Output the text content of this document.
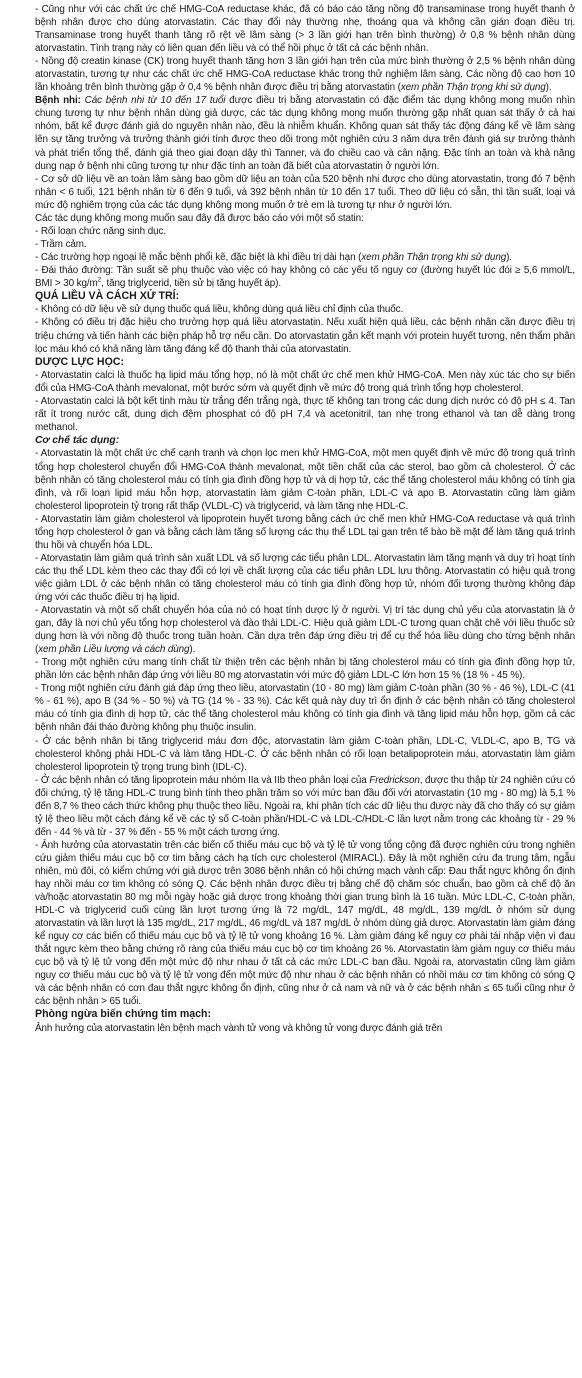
- Cũng như với các chất ức chế HMG-CoA reductase khác, đã có báo cáo tăng nồng độ transaminase trong huyết thanh ở bệnh nhân được cho dùng atorvastatin. Các thay đổi này thường nhẹ, thoáng qua và không cần gián đoạn điều trị. Transaminase trong huyết thanh tăng rõ rệt về lâm sàng (> 3 lần giới hạn trên bình thường) ở 0,8 % bệnh nhân dùng atorvastatin. Tình trạng này có liên quan đến liều và có thể hồi phục ở tất cả các bệnh nhân.

- Nồng độ creatin kinase (CK) trong huyết thanh tăng hơn 3 lần giới hạn trên của mức bình thường ở 2,5 % bệnh nhân dùng atorvastatin, tương tự như các chất ức chế HMG-CoA reductase khác trong thử nghiệm lâm sàng. Các nồng độ cao hơn 10 lần khoảng trên bình thường gặp ở 0,4 % bệnh nhân được điều trị bằng atorvastatin (xem phần Thận trọng khi sử dụng).

Bệnh nhi: Các bệnh nhi từ 10 đến 17 tuổi được điều trị bằng atorvastatin có đặc điểm tác dụng không mong muốn nhìn chung tương tự như bệnh nhân dùng giả dược, các tác dụng không mong muốn thường gặp nhất quan sát thấy ở cả hai nhóm, bất kể được đánh giá do nguyên nhân nào, đều là nhiễm khuẩn. Không quan sát thấy tác động đáng kể về lâm sàng lên sự tăng trưởng và trưởng thành giới tính được theo dõi trong một nghiên cứu 3 năm dựa trên đánh giá sự trưởng thành và phát triển tổng thể, đánh giá theo giai đoạn dậy thì Tanner, và đo chiều cao và cân nặng. Đặc tính an toàn và khả năng dung nạp ở bệnh nhi cũng tương tự như đặc tính an toàn đã biết của atorvastatin ở người lớn.

- Cơ sở dữ liệu về an toàn lâm sàng bao gồm dữ liệu an toàn của 520 bệnh nhi được cho dùng atorvastatin, trong đó 7 bệnh nhân < 6 tuổi, 121 bệnh nhân từ 6 đến 9 tuổi, và 392 bệnh nhân từ 10 đến 17 tuổi. Theo dữ liệu có sẵn, thì tần suất, loại và mức độ nghiêm trọng của các tác dụng không mong muốn ở trẻ em là tương tự như ở người lớn.

Các tác dụng không mong muốn sau đây đã được báo cáo với một số statin:

- Rối loạn chức năng sinh dục.

- Trầm cảm.

- Các trường hợp ngoại lệ mắc bệnh phổi kẽ, đặc biệt là khi điều trị dài hạn (xem phần Thận trọng khi sử dụng).

- Đái tháo đường: Tần suất sẽ phụ thuộc vào việc có hay không có các yếu tố nguy cơ (đường huyết lúc đói ≥ 5,6 mmol/L, BMI > 30 $kg/m^2$, tăng triglycerid, tiền sử bị tăng huyết áp).

QUÁ LIỀU VÀ CÁCH XỬ TRÍ:

- Không có dữ liệu về sử dụng thuốc quá liều, không dùng quá liều chỉ định của thuốc.

- Không có điều trị đặc hiệu cho trường hợp quá liều atorvastatin. Nếu xuất hiện quá liều, các bệnh nhân cần được điều trị triệu chứng và tiến hành các biện pháp hỗ trợ nếu cần. Do atorvastatin gắn kết mạnh với protein huyết tương, nên thẩm phân lọc máu khó có khả năng làm tăng đáng kể độ thanh thải của atorvastatin.

DƯỢC LỰC HỌC:

- Atorvastatin calci là thuốc hạ lipid máu tổng hợp, nó là một chất ức chế men khử HMG-CoA. Men này xúc tác cho sự biến đổi của HMG-CoA thành mevalonat, một bước sớm và quyết định về mức độ trong quá trình tổng hợp cholesterol.

- Atorvastatin calci là bột kết tinh màu từ trắng đến trắng ngà, thực tế không tan trong các dung dịch nước có độ pH ≤ 4. Tan rất ít trong nước cất, dung dịch đệm phosphat có độ pH 7,4 và acetonitril, tan nhẹ trong ethanol và tan dễ dàng trong methanol.

Cơ chế tác dụng:

- Atorvastatin là một chất ức chế cạnh tranh và chọn lọc men khử HMG-CoA, một men quyết định về mức độ trong quá trình tổng hợp cholesterol chuyển đổi HMG-CoA thành mevalonat, một tiền chất của các sterol, bao gồm cả cholesterol. Ở các bệnh nhân có tăng cholesterol máu có tính gia đình đồng hợp tử và dị hợp tử, các thể tăng cholesterol máu không có tính gia đình, và rối loạn lipid máu hỗn hợp, atorvastatin làm giảm C-toàn phần, LDL-C và apo B. Atorvastatin cũng làm giảm cholesterol lipoprotein tỷ trọng rất thấp (VLDL-C) và triglycerid, và làm tăng nhẹ HDL-C.

- Atorvastatin làm giảm cholesterol và lipoprotein huyết tương bằng cách ức chế men khử HMG-CoA reductase và quá trình tổng hợp cholesterol ở gan và bằng cách làm tăng số lượng các thụ thể LDL tại gan trên tế bào bề mặt để làm tăng quá trình thu hồi và chuyển hóa LDL.

- Atorvastatin làm giảm quá trình sản xuất LDL và số lượng các tiểu phân LDL. Atorvastatin làm tăng mạnh và duy trì hoạt tính các thụ thể LDL kèm theo các thay đổi có lợi về chất lượng của các tiểu phân LDL lưu thông. Atorvastatin có hiệu quả trong việc giảm LDL ở các bệnh nhân có tăng cholesterol máu có tính gia đình đồng hợp tử, nhóm đối tượng thường không đáp ứng với các thuốc điều trị hạ lipid.

- Atorvastatin và một số chất chuyển hóa của nó có hoạt tính dược lý ở người. Vị trí tác dụng chủ yếu của atorvastatin là ở gan, đây là nơi chủ yếu tổng hợp cholesterol và đào thải LDL-C. Hiệu quả giảm LDL-C tương quan chặt chẽ với liều thuốc sử dụng hơn là với nồng độ thuốc trong tuần hoàn. Cần dựa trên đáp ứng điều trị để cụ thể hóa liều dùng cho từng bệnh nhân (xem phần Liều lượng và cách dùng).

- Trong một nghiên cứu mang tính chất từ thiện trên các bệnh nhân bị tăng cholesterol máu có tính gia đình đồng hợp tử, phần lớn các bệnh nhân đáp ứng với liều 80 mg atorvastatin với mức độ giảm LDL-C lớn hơn 15 % (18 % - 45 %).

- Trong một nghiên cứu đánh giá đáp ứng theo liều, atorvastatin (10 - 80 mg) làm giảm C-toàn phần (30 % - 46 %), LDL-C (41 % - 61 %), apo B (34 % - 50 %) và TG (14 % - 33 %). Các kết quả này duy trì ổn định ở các bệnh nhân có tăng cholesterol máu có tính gia đình dị hợp tử, các thể tăng cholesterol máu không có tính gia đình và tăng lipid máu hỗn hợp, gồm cả các bệnh nhân đái tháo đường không phụ thuộc insulin.

- Ở các bệnh nhân bị tăng triglycerid máu đơn độc, atorvastatin làm giảm C-toàn phần, LDL-C, VLDL-C, apo B, TG và cholesterol không phải HDL-C và làm tăng HDL-C. Ở các bệnh nhân có rối loạn betalipoprotein máu, atorvastatin làm giảm cholesterol lipoprotein tỷ trọng trung bình (IDL-C).

- Ở các bệnh nhân có tăng lipoprotein máu nhóm IIa và IIb theo phân loại của Fredrickson, được thu thập từ 24 nghiên cứu có đối chứng, tỷ lệ tăng HDL-C trung bình tính theo phần trăm so với mức ban đầu đối với atorvastatin (10 mg - 80 mg) là 5,1 % đến 8,7 % theo cách thức không phụ thuộc theo liều. Ngoài ra, khi phân tích các dữ liệu thu được này đã cho thấy có sự giảm tỷ lệ theo liều một cách đáng kể về các tỷ số C-toàn phần/HDL-C và LDL-C/HDL-C lần lượt nằm trong các khoảng từ - 29 % đến - 44 % và từ - 37 % đến - 55 % một cách tương ứng.

- Ảnh hưởng của atorvastatin trên các biến cố thiếu máu cục bộ và tỷ lệ tử vong tổng cộng đã được nghiên cứu trong nghiên cứu giảm thiếu máu cục bộ cơ tim bằng cách hạ tích cực cholesterol (MIRACL). Đây là một nghiên cứu đa trung tâm, ngẫu nhiên, mù đôi, có kiểm chứng với giả dược trên 3086 bệnh nhân có hội chứng mạch vành cấp: Đau thắt ngực không ổn định hay nhồi máu cơ tim không có sóng Q. Các bệnh nhân được điều trị bằng chế độ chăm sóc chuẩn, bao gồm cả chế độ ăn và/hoặc atorvastatin 80 mg mỗi ngày hoặc giả dược trong khoảng thời gian trung bình là 16 tuần. Mức LDL-C, C-toàn phần, HDL-C và triglycerid cuối cùng lần lượt tương ứng là 72 mg/dL, 147 mg/dL, 48 mg/dL, 139 mg/dL ở nhóm sử dụng atorvastatin và lần lượt là 135 mg/dL, 217 mg/dL, 46 mg/dL và 187 mg/dL ở nhóm dùng giả dược. Atorvastatin làm giảm đáng kể nguy cơ các biến cố thiếu máu cục bộ và tỷ lệ tử vong khoảng 16 %. Làm giảm đáng kể nguy cơ phải tái nhập viện vì đau thắt ngực kèm theo bằng chứng rõ ràng của thiếu máu cục bộ cơ tim khoảng 26 %. Atorvastatin làm giảm nguy cơ thiếu máu cục bộ và tỷ lệ tử vong đến một mức độ như nhau ở tất cả các mức LDL-C ban đầu. Ngoài ra, atorvastatin cũng làm giảm nguy cơ thiếu máu cục bộ và tỷ lệ tử vong đến một mức độ như nhau ở các bệnh nhân có nhồi máu cơ tim không có sóng Q và các bệnh nhân có cơn đau thắt ngực không ổn định, cũng như ở cả nam và nữ và ở các bệnh nhân ≤ 65 tuổi cũng như ở các bệnh nhân > 65 tuổi.

Phòng ngừa biến chứng tim mạch:

Ảnh hưởng của atorvastatin lên bệnh mạch vành tử vong và không tử vong được đánh giá trên
